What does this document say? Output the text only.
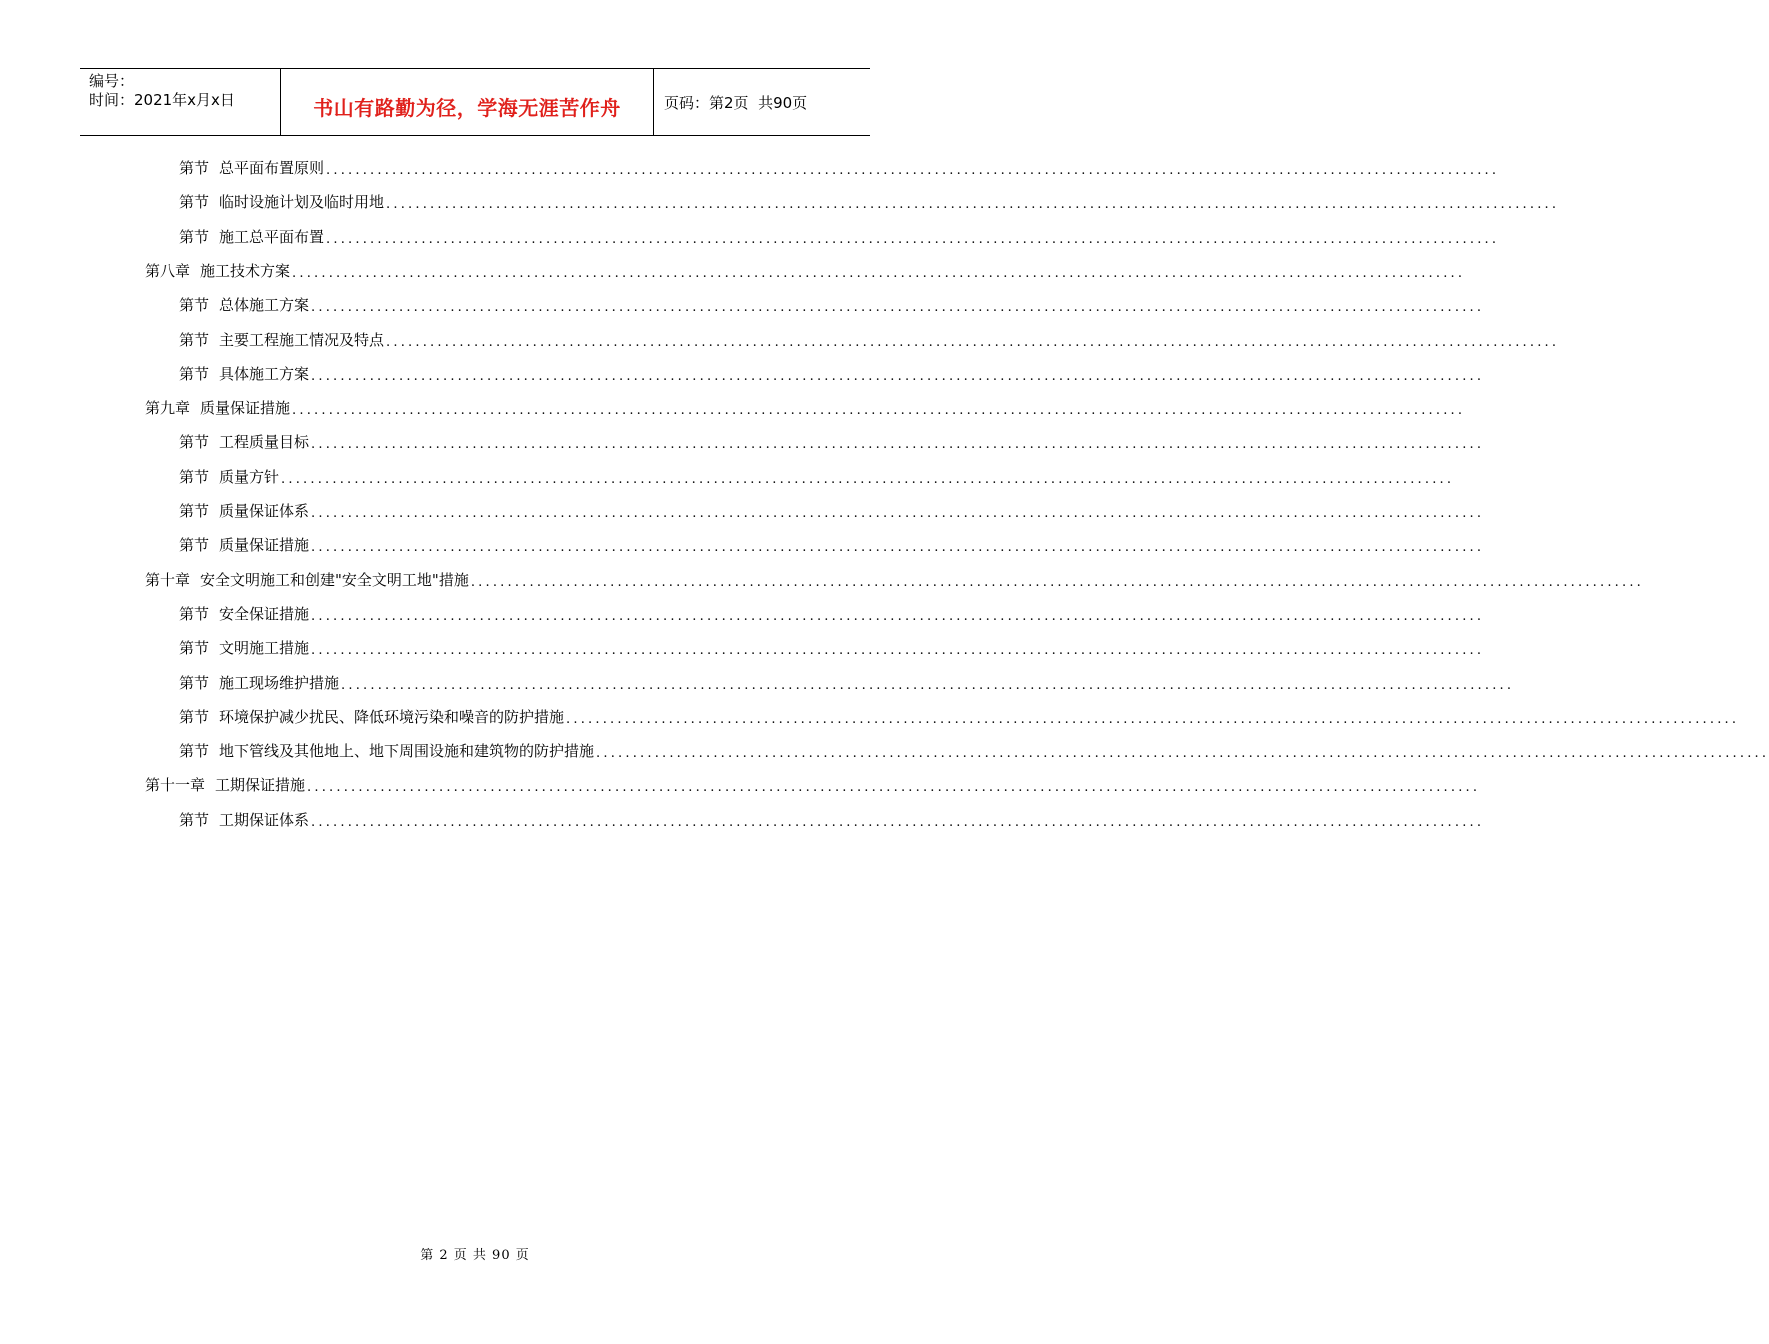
编号：
时间：2021年x月x日	书山有路勤为径，学海无涯苦作舟	页码：第2页  共90页
第节 总平面布置原则 ................................................................................................................................................................
第节 临时设施计划及临时用地 ................................................................................................................................................................
第节 施工总平面布置 ................................................................................................................................................................
第八章 施工技术方案 ................................................................................................................................................................
第节 总体施工方案 ................................................................................................................................................................
第节 主要工程施工情况及特点 ................................................................................................................................................................
第节 具体施工方案 ................................................................................................................................................................
第九章 质量保证措施 ................................................................................................................................................................
第节 工程质量目标 ................................................................................................................................................................
第节 质量方针 ................................................................................................................................................................
第节 质量保证体系 ................................................................................................................................................................
第节 质量保证措施 ................................................................................................................................................................
第十章 安全文明施工和创建"安全文明工地"措施 ................................................................................................................................................................
第节 安全保证措施 ................................................................................................................................................................
第节 文明施工措施 ................................................................................................................................................................
第节 施工现场维护措施 ................................................................................................................................................................
第节 环境保护减少扰民、降低环境污染和噪音的防护措施 ................................................................................................................................................................
第节 地下管线及其他地上、地下周围设施和建筑物的防护措施 ................................................................................................................................................................
第十一章 工期保证措施 ................................................................................................................................................................
第节 工期保证体系 ................................................................................................................................................................
第 2 页 共 90 页
